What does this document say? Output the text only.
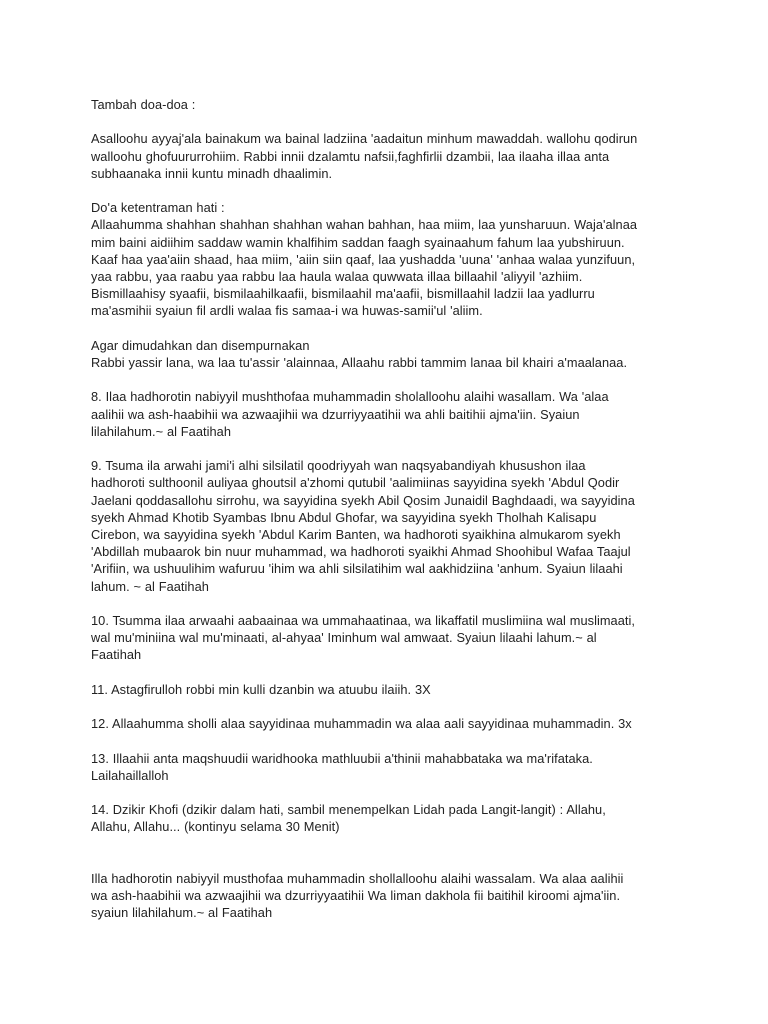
Tambah doa-doa :

Asalloohu ayyaj'ala bainakum wa bainal ladziina 'aadaitun minhum mawaddah. wallohu qodirun
walloohu ghofuururrohiim. Rabbi innii dzalamtu nafsii,faghfirlii dzambii, laa ilaaha illaa anta
subhaanaka innii kuntu minadh dhaalimin.

Do'a ketentraman hati :
Allaahumma shahhan shahhan shahhan wahan bahhan, haa miim, laa yunsharuun. Waja'alnaa
mim baini aidiihim saddaw wamin khalfihim saddan faagh syainaahum fahum laa yubshiruun.
Kaaf haa yaa'aiin shaad, haa miim, 'aiin siin qaaf, laa yushadda 'uuna' 'anhaa walaa yunzifuun,
yaa rabbu, yaa raabu yaa rabbu laa haula walaa quwwata illaa billaahil 'aliyyil 'azhiim.
Bismillaahisy syaafii, bismilaahilkaafii, bismilaahil ma'aafii, bismillaahil ladzii laa yadlurru
ma'asmihii syaiun fil ardli walaa fis samaa-i wa huwas-samii'ul 'aliim.

Agar dimudahkan dan disempurnakan
Rabbi yassir lana, wa laa tu'assir 'alainnaa, Allaahu rabbi tammim lanaa bil khairi a'maalanaa.

8. Ilaa hadhorotin nabiyyil mushthofaa muhammadin sholalloohu alaihi wasallam. Wa 'alaa
aalihii wa ash-haabihii wa azwaajihii wa dzurriyyaatihii wa ahli baitihii ajma'iin. Syaiun
lilahilahum.~ al Faatihah

9. Tsuma ila arwahi jami'i alhi silsilatil qoodriyyah wan naqsyabandiyah khusushon ilaa
hadhoroti sulthoonil auliyaa ghoutsil a'zhomi qutubil 'aalimiinas sayyidina syekh 'Abdul Qodir
Jaelani qoddasallohu sirrohu, wa sayyidina syekh Abil Qosim Junaidil Baghdaadi, wa sayyidina
syekh Ahmad Khotib Syambas Ibnu Abdul Ghofar, wa sayyidina syekh Tholhah Kalisapu
Cirebon, wa sayyidina syekh 'Abdul Karim Banten, wa hadhoroti syaikhina almukarom syekh
'Abdillah mubaarok bin nuur muhammad, wa hadhoroti syaikhi Ahmad Shoohibul Wafaa Taajul
'Arifiin, wa ushuulihim wafuruu 'ihim wa ahli silsilatihim wal aakhidziina 'anhum. Syaiun lilaahi
lahum. ~ al Faatihah

10. Tsumma ilaa arwaahi aabaainaa wa ummahaatinaa, wa likaffatil muslimiina wal muslimaati,
wal mu'miniina wal mu'minaati, al-ahyaa' Iminhum wal amwaat. Syaiun lilaahi lahum.~ al
Faatihah

11. Astagfirulloh robbi min kulli dzanbin wa atuubu ilaiih. 3X

12. Allaahumma sholli alaa sayyidinaa muhammadin wa alaa aali sayyidinaa muhammadin. 3x

13. Illaahii anta maqshuudii waridhooka mathluubii a'thinii mahabbataka wa ma'rifataka.
Lailahaillalloh

14. Dzikir Khofi (dzikir dalam hati, sambil menempelkan Lidah pada Langit-langit) : Allahu,
Allahu, Allahu... (kontinyu selama 30 Menit)

Illa hadhorotin nabiyyil musthofaa muhammadin shollalloohu alaihi wassalam. Wa alaa aalihii
wa ash-haabihii wa azwaajihii wa dzurriyyaatihii Wa liman dakhola fii baitihil kiroomi ajma'iin.
syaiun lilahilahum.~ al Faatihah
